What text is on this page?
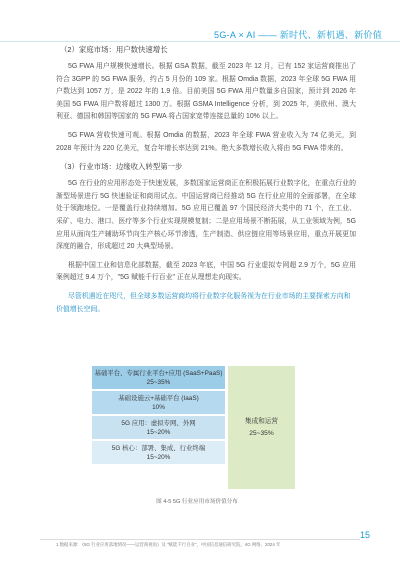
5G-A × AI —— 新时代、新机遇、新价值
（2）家庭市场：用户数快速增长

5G FWA 用户规模快速增长。根据 GSA 数据，截至 2023 年 12 月，已有 152 家运营商推出了符合 3GPP 的 5G FWA 服务，约占 5 月份的 109 家。根据 Omdia 数据，2023 年全球 5G FWA 用户数达到 1057 万，是 2022 年的 1.9 倍。目前美国 5G FWA 用户数量多自国家，预计到 2026 年美国 5G FWA 用户数将超过 1300 万。根据 GSMA Intelligence 分析，到 2025 年，美欧州、澳大利亚、德国和韩国等国家的 5G FWA 将占国家宽带连接总量的 10% 以上。

5G FWA 营收快速可观。根据 Omdia 的数据，2023 年全球 FWA 营业收入为 74 亿美元，到 2028 年预计为 220 亿美元，复合年增长率达到 21%。绝大多数增长收入将由 5G FWA 带来的。

（3）行业市场：边缘收入转型第一步

5G 在行业的应用形态处于快速发展，多数国家运营商正在积极拓展行业数字化，在重点行业的渐型场景进行 5G 快速验证和商用试点。中国运营商已经推动 5G 在行业应用的全面部署，在全球处于领跑地位。一是覆盖行业持续增加。5G 应用已覆盖 97 个国民经济大类中的 71 个，在工业、采矿、电力、港口、医疗等多个行业实现规模复制；二是应用场景不断拓展，从工业领域为例，5G 应用从面向生产辅助环节向生产核心环节渗透，生产制造、供应链应用等场景应用，重点开展更加深度的融合，形成超过 20 大典型场景。

根据中国工业和信息化部数据，截至 2023 年底，中国 5G 行业虚拟专网超 2.9 万个，5G 应用案例超过 9.4 万个，"5G 赋能千行百业" 正在从理想走向现实。

尽管机遇近在咫尺，但全球多数运营商均将行业数字化服务视为在行业市场的主要探索方向和价值增长空间。

基础平台、专属行业平台+应用 (SaaS+PaaS)
25~35%
基础设施云+基础平台 (IaaS)
10%
5G 应用：虚拟专网、外网
15~20%
5G 核心：部署、集成、行业终端
15~20%
集成和运营
25~35%
图 4-5 5G 行业应用市场价值分布
15
1 数据来源: 《5G 行业应用落地情况——运营商视角》及 "赋能千行百业"，中国信息通信研究院，4G 网络、2024 年
